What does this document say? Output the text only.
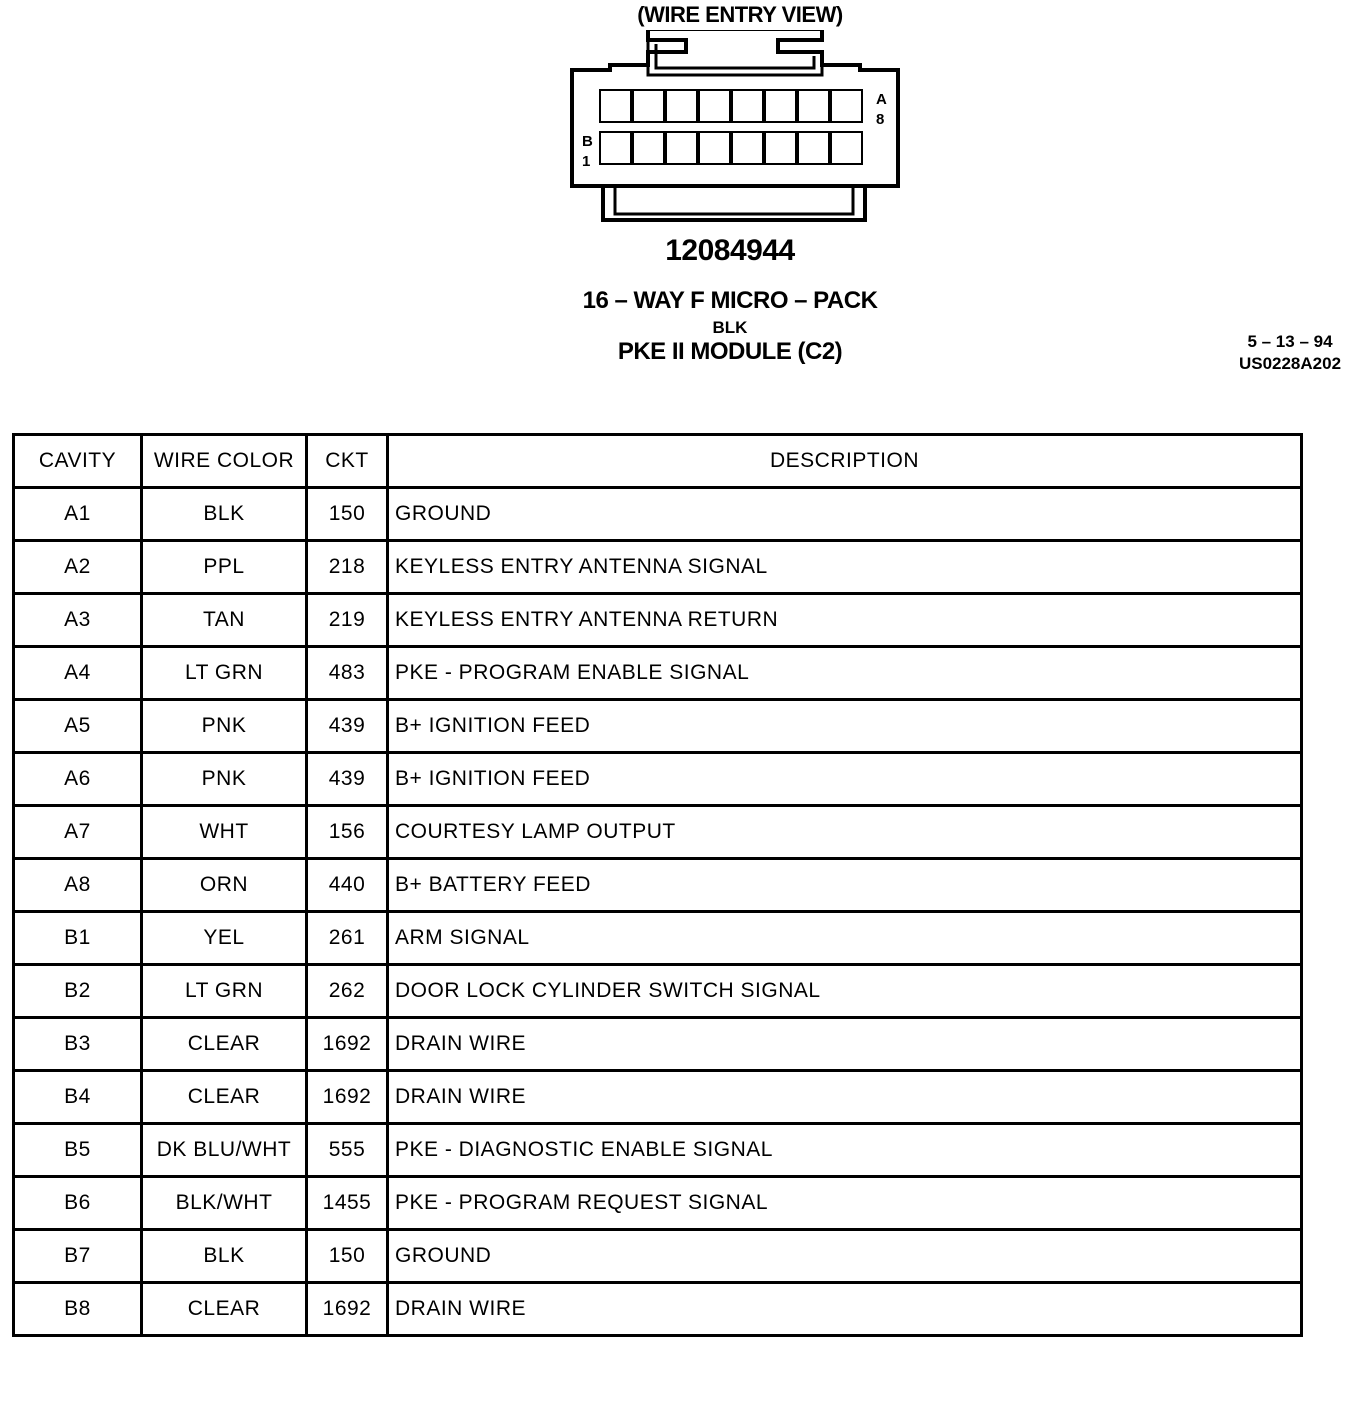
(WIRE ENTRY VIEW)
A
8
B
1
12084944
16 – WAY F MICRO – PACK
BLK
PKE II MODULE (C2)	5 – 13 – 94
US0228A202
CAVITY	WIRE COLOR	CKT	DESCRIPTION
A1	BLK	150	GROUND
A2	PPL	218	KEYLESS ENTRY ANTENNA SIGNAL
A3	TAN	219	KEYLESS ENTRY ANTENNA RETURN
A4	LT GRN	483	PKE - PROGRAM ENABLE SIGNAL
A5	PNK	439	B+ IGNITION FEED
A6	PNK	439	B+ IGNITION FEED
A7	WHT	156	COURTESY LAMP OUTPUT
A8	ORN	440	B+ BATTERY FEED
B1	YEL	261	ARM SIGNAL
B2	LT GRN	262	DOOR LOCK CYLINDER SWITCH SIGNAL
B3	CLEAR	1692	DRAIN WIRE
B4	CLEAR	1692	DRAIN WIRE
B5	DK BLU/WHT	555	PKE - DIAGNOSTIC ENABLE SIGNAL
B6	BLK/WHT	1455	PKE - PROGRAM REQUEST SIGNAL
B7	BLK	150	GROUND
B8	CLEAR	1692	DRAIN WIRE
